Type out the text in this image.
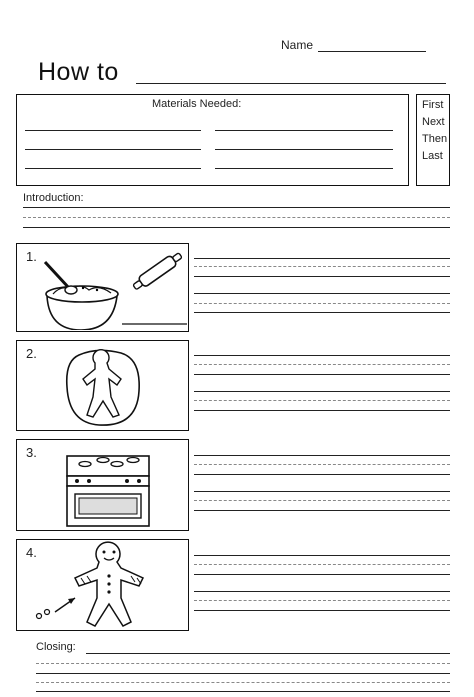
Name
How to
Materials Needed:	First
Next
Then
Last
Introduction:
1.
2.
3.
4.
Closing:
